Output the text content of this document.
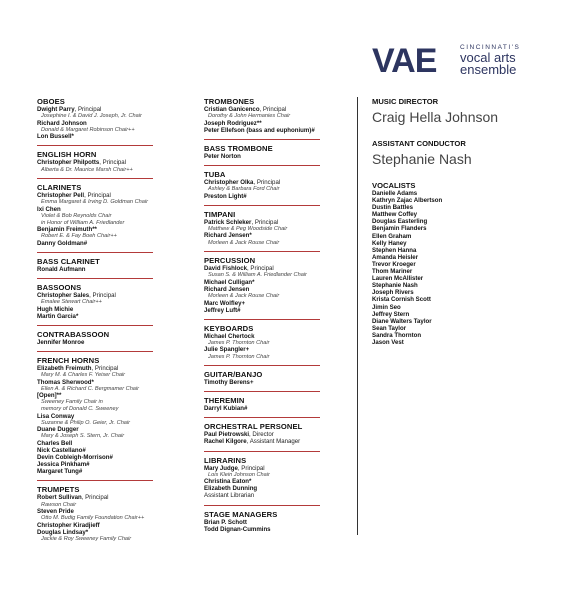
VAE	CINCINNATI'S
vocal arts
ensemble
OBOES
Dwight Parry, Principal
Josephine I. & David J. Joseph, Jr. Chair
Richard Johnson
Donald & Margaret Robinson Chair++
Lon Bussell*
ENGLISH HORN
Christopher Philpotts, Principal
Alberta & Dr. Maurice Marsh Chair++
CLARINETS
Christopher Pell, Principal
Emma Margaret & Irving D. Goldman Chair
Ixi Chen
Violet & Bob Reynolds Chair
in Honor of William A. Friedlander
Benjamin Freimuth**
Robert E. & Fay Boeh Chair++
Danny Goldman#
BASS CLARINET
Ronald Aufmann
BASSOONS
Christopher Sales, Principal
Emalee Stewart Chair++
Hugh Michie
Martin Garcia*
CONTRABASSOON
Jennifer Monroe
FRENCH HORNS
Elizabeth Freimuth, Principal
Mary M. & Charles F. Yeiser Chair
Thomas Sherwood*
Ellen A. & Richard C. Bergmamer Chair
[Open]**
Sweeney Family Chair in
memory of Donald C. Sweeney
Lisa Conway
Suzanne & Philip O. Geier, Jr. Chair
Duane Dugger
Mary & Joseph S. Stern, Jr. Chair
Charles Bell
Nick Castellano#
Devin Cobleigh-Morrison#
Jessica Pinkham#
Margaret Tung#
TRUMPETS
Robert Sullivan, Principal
Rawson Chair
Steven Pride
Otto M. Budig Family Foundation Chair++
Christopher Kiradjieff
Douglas Lindsay*
Jackie & Roy Sweeney Family Chair
TROMBONES
Cristian Ganicenco, Principal
Dorothy & John Hermanies Chair
Joseph Rodriguez**
Peter Ellefson (bass and euphonium)#
BASS TROMBONE
Peter Norton
TUBA
Christopher Olka, Principal
Ashley & Barbara Ford Chair
Preston Light#
TIMPANI
Patrick Schleker, Principal
Matthew & Peg Woodside Chair
Richard Jensen*
Morleen & Jack Rouse Chair
PERCUSSION
David Fishlock, Principal
Susan S. & William A. Friedlander Chair
Michael Culligan*
Richard Jensen
Morleen & Jack Rouse Chair
Marc Wolfley+
Jeffrey Luft#
KEYBOARDS
Michael Chertock
James P. Thornton Chair
Julie Spangler+
James P. Thornton Chair
GUITAR/BANJO
Timothy Berens+
THEREMIN
Darryl Kubian#
ORCHESTRAL PERSONEL
Paul Pietrowski, Director
Rachel Kilgore, Assistant Manager
LIBRARINS
Mary Judge, Principal
Lois Klein Johnson Chair
Christina Eaton*
Elizabeth Dunning
Assistant Librarian
STAGE MANAGERS
Brian P. Schott
Todd Dignan-Cummins
MUSIC DIRECTOR
Craig Hella Johnson
ASSISTANT CONDUCTOR
Stephanie Nash
VOCALISTS
Danielle Adams
Kathryn Zajac Albertson
Dustin Battles
Matthew Coffey
Douglas Easterling
Benjamin Flanders
Ellen Graham
Kelly Haney
Stephen Hanna
Amanda Heisler
Trevor Kroeger
Thom Mariner
Lauren McAllister
Stephanie Nash
Joseph Rivers
Krista Cornish Scott
Jimin Seo
Jeffrey Stern
Diane Walters Taylor
Sean Taylor
Sandra Thornton
Jason Vest
